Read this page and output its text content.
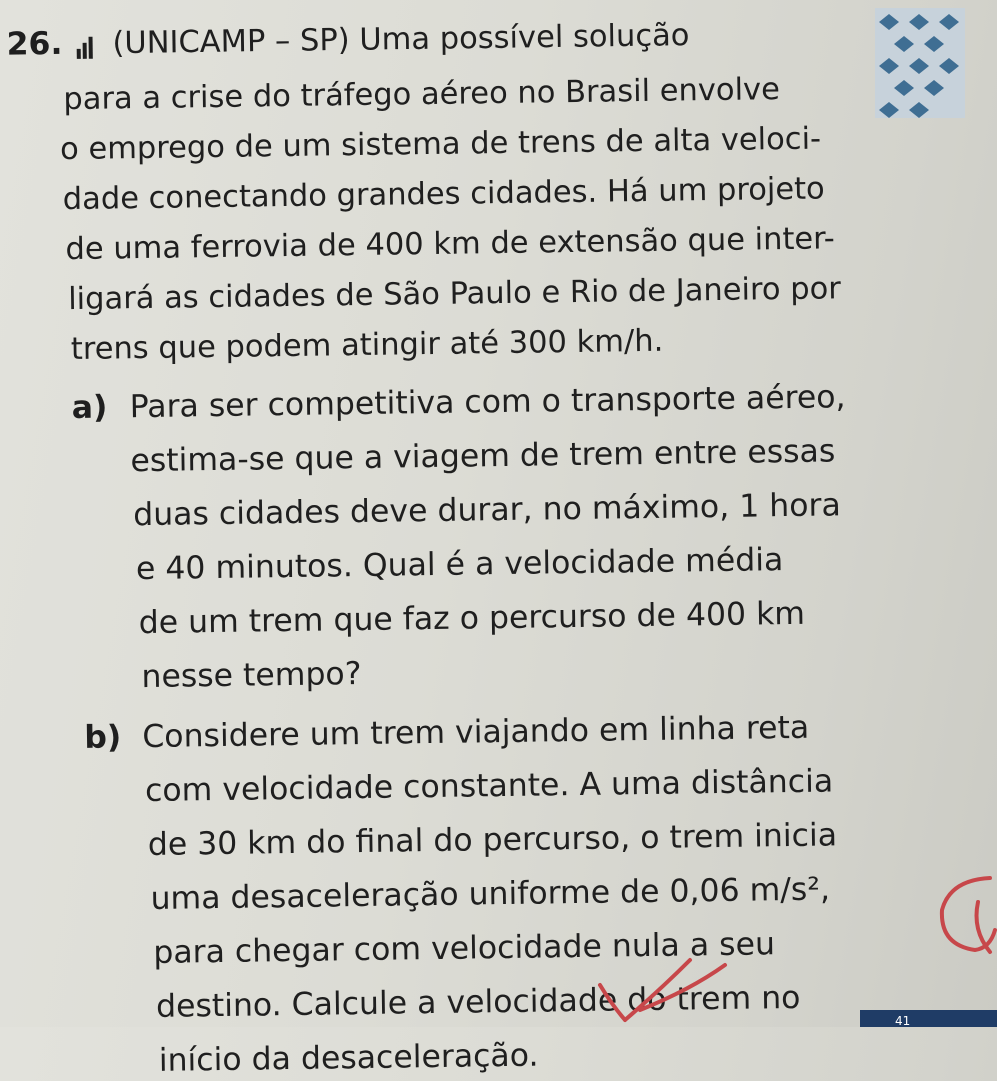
26. (UNICAMP – SP) Uma possível solução
para a crise do tráfego aéreo no Brasil envolve
o emprego de um sistema de trens de alta veloci-
dade conectando grandes cidades. Há um projeto
de uma ferrovia de 400 km de extensão que inter-
ligará as cidades de São Paulo e Rio de Janeiro por
trens que podem atingir até 300 km/h.
a) Para ser competitiva com o transporte aéreo,
estima-se que a viagem de trem entre essas
duas cidades deve durar, no máximo, 1 hora
e 40 minutos. Qual é a velocidade média
de um trem que faz o percurso de 400 km
nesse tempo?
b) Considere um trem viajando em linha reta
com velocidade constante. A uma distância
de 30 km do final do percurso, o trem inicia
uma desaceleração uniforme de 0,06 m/s²,
para chegar com velocidade nula a seu
destino. Calcule a velocidade do trem no
início da desaceleração.
41
